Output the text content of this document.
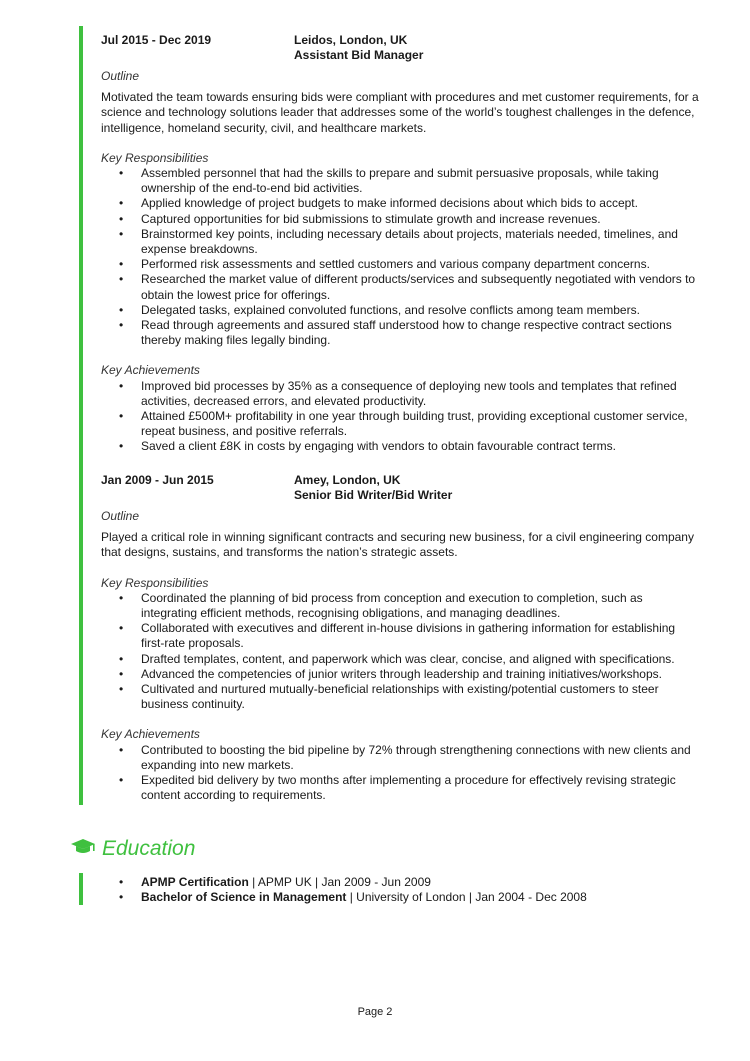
Jul 2015 - Dec 2019	Leidos, London, UK
Assistant Bid Manager
Outline
Motivated the team towards ensuring bids were compliant with procedures and met customer requirements, for a science and technology solutions leader that addresses some of the world’s toughest challenges in the defence, intelligence, homeland security, civil, and healthcare markets.
Key Responsibilities
• Assembled personnel that had the skills to prepare and submit persuasive proposals, while taking ownership of the end-to-end bid activities.
• Applied knowledge of project budgets to make informed decisions about which bids to accept.
• Captured opportunities for bid submissions to stimulate growth and increase revenues.
• Brainstormed key points, including necessary details about projects, materials needed, timelines, and expense breakdowns.
• Performed risk assessments and settled customers and various company department concerns.
• Researched the market value of different products/services and subsequently negotiated with vendors to obtain the lowest price for offerings.
• Delegated tasks, explained convoluted functions, and resolve conflicts among team members.
• Read through agreements and assured staff understood how to change respective contract sections thereby making files legally binding.
Key Achievements
• Improved bid processes by 35% as a consequence of deploying new tools and templates that refined activities, decreased errors, and elevated productivity.
• Attained £500M+ profitability in one year through building trust, providing exceptional customer service, repeat business, and positive referrals.
• Saved a client £8K in costs by engaging with vendors to obtain favourable contract terms.
Jan 2009 - Jun 2015	Amey, London, UK
Senior Bid Writer/Bid Writer
Outline
Played a critical role in winning significant contracts and securing new business, for a civil engineering company that designs, sustains, and transforms the nation’s strategic assets.
Key Responsibilities
• Coordinated the planning of bid process from conception and execution to completion, such as integrating efficient methods, recognising obligations, and managing deadlines.
• Collaborated with executives and different in-house divisions in gathering information for establishing first-rate proposals.
• Drafted templates, content, and paperwork which was clear, concise, and aligned with specifications.
• Advanced the competencies of junior writers through leadership and training initiatives/workshops.
• Cultivated and nurtured mutually-beneficial relationships with existing/potential customers to steer business continuity.
Key Achievements
• Contributed to boosting the bid pipeline by 72% through strengthening connections with new clients and expanding into new markets.
• Expedited bid delivery by two months after implementing a procedure for effectively revising strategic content according to requirements.
Education
• APMP Certification | APMP UK | Jan 2009 - Jun 2009
• Bachelor of Science in Management | University of London | Jan 2004 - Dec 2008
Page 2
